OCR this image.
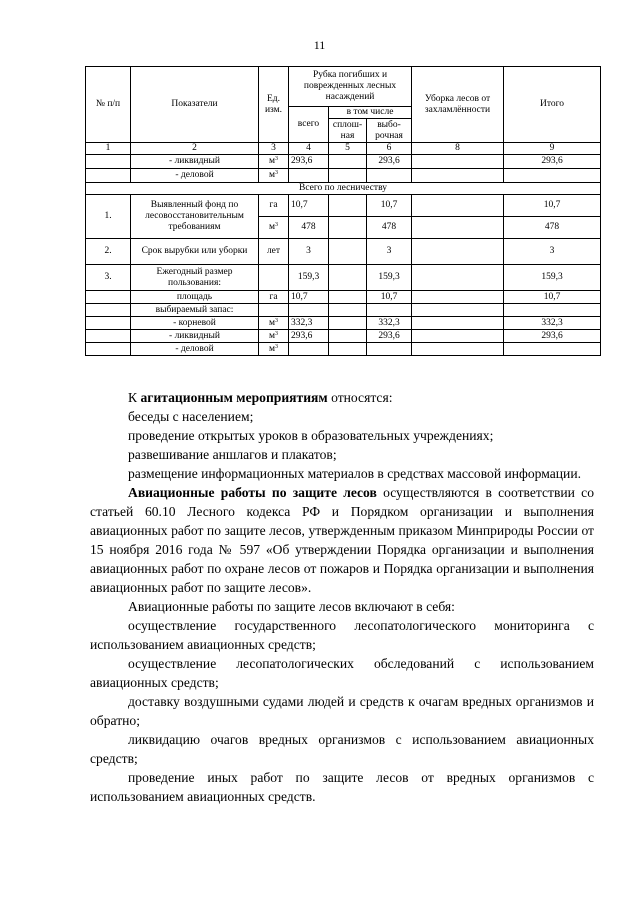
11
№ п/п	Показатели	Ед. изм.	Рубка погибших и поврежденных лесных насаждений			Уборка лесов от захламлённости	Итого
			всего	в том числе			
				сплош-ная	выбо-рочная		
1	2	3	4	5	6	8	9
	- ликвидный	$м^3$	293,6		293,6		293,6
	- деловой	$м^3$					
Всего по лесничеству							
1.	Выявленный фонд по лесовосстановительным требованиям	га	10,7		10,7		10,7
		$м^3$	478		478		478
2.	Срок вырубки или уборки	лет	3		3		3
3.	Ежегодный размер пользования:		159,3		159,3		159,3
	площадь	га	10,7		10,7		10,7
	выбираемый запас:						
	- корневой	$м^3$	332,3		332,3		332,3
	- ликвидный	$м^3$	293,6		293,6		293,6
	- деловой	$м^3$					

К агитационным мероприятиям относятся:

беседы с населением;

проведение открытых уроков в образовательных учреждениях;

развешивание аншлагов и плакатов;

размещение информационных материалов в средствах массовой информации.

Авиационные работы по защите лесов осуществляются в соответствии со статьей 60.10 Лесного кодекса РФ и Порядком организации и выполнения авиационных работ по защите лесов, утвержденным приказом Минприроды России от 15 ноября 2016 года № 597 «Об утверждении Порядка организации и выполнения авиационных работ по охране лесов от пожаров и Порядка организации и выполнения авиационных работ по защите лесов».

Авиационные работы по защите лесов включают в себя:

осуществление государственного лесопатологического мониторинга с использованием авиационных средств;

осуществление лесопатологических обследований с использованием авиационных средств;

доставку воздушными судами людей и средств к очагам вредных организмов и обратно;

ликвидацию очагов вредных организмов с использованием авиационных средств;

проведение иных работ по защите лесов от вредных организмов с использованием авиационных средств.
